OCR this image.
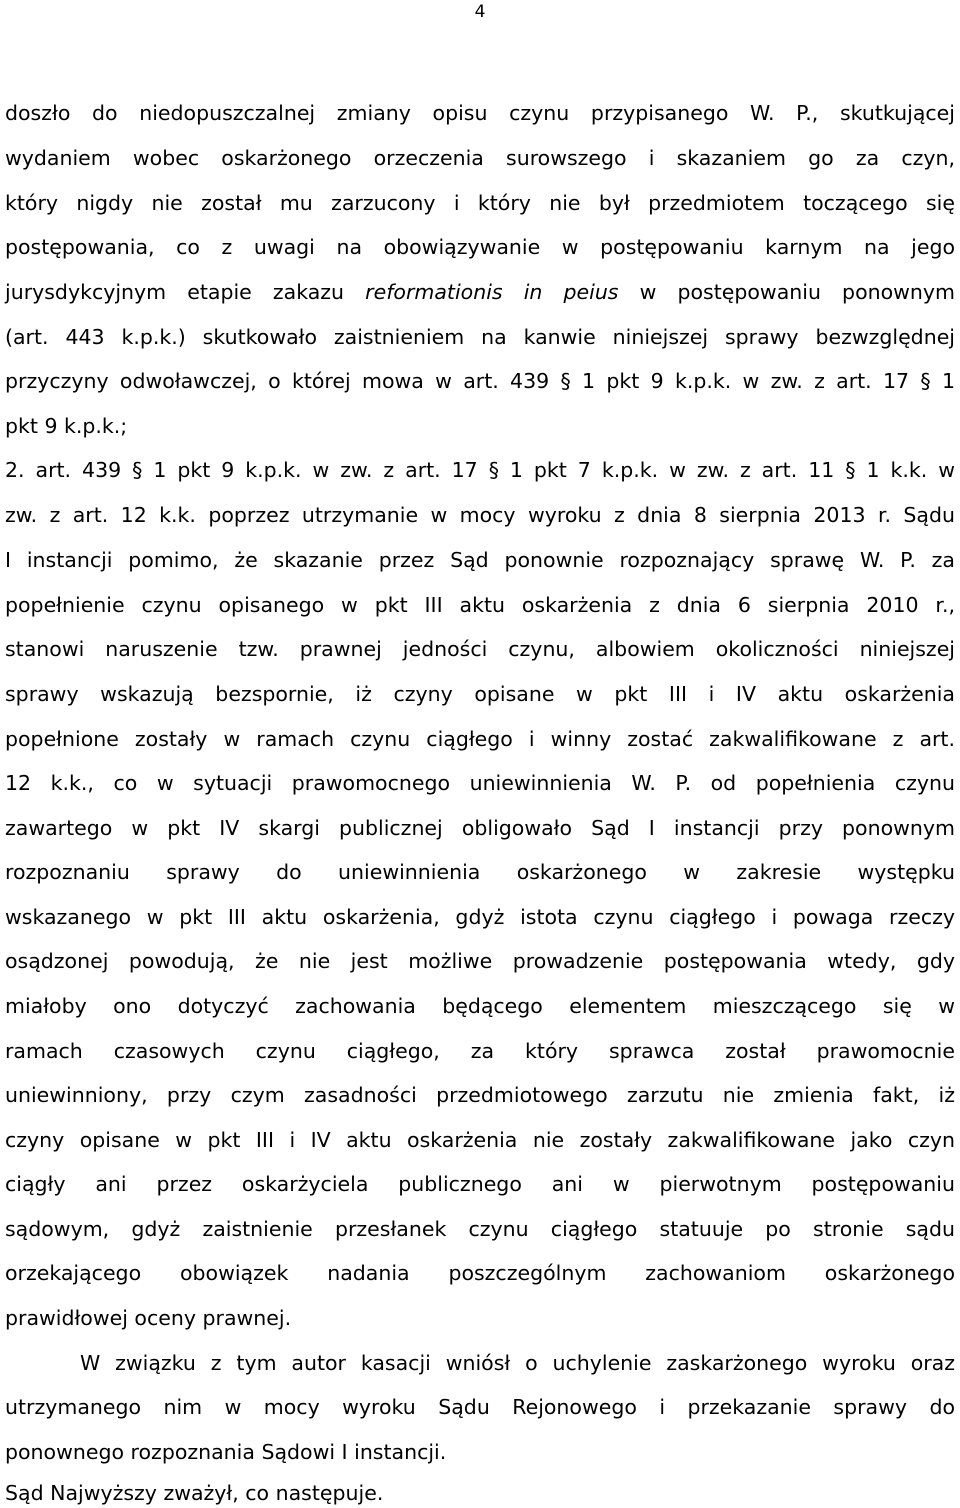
4
doszło do niedopuszczalnej zmiany opisu czynu przypisanego W. P., skutkującej
wydaniem wobec oskarżonego orzeczenia surowszego i skazaniem go za czyn,
który nigdy nie został mu zarzucony i który nie był przedmiotem toczącego się
postępowania, co z uwagi na obowiązywanie w postępowaniu karnym na jego
jurysdykcyjnym etapie zakazu reformationis in peius w postępowaniu ponownym
(art. 443 k.p.k.) skutkowało zaistnieniem na kanwie niniejszej sprawy bezwzględnej
przyczyny odwoławczej, o której mowa w art. 439 § 1 pkt 9 k.p.k. w zw. z art. 17 § 1
pkt 9 k.p.k.;
2. art. 439 § 1 pkt 9 k.p.k. w zw. z art. 17 § 1 pkt 7 k.p.k. w zw. z art. 11 § 1 k.k. w
zw. z art. 12 k.k. poprzez utrzymanie w mocy wyroku z dnia 8 sierpnia 2013 r. Sądu
I instancji pomimo, że skazanie przez Sąd ponownie rozpoznający sprawę W. P. za
popełnienie czynu opisanego w pkt III aktu oskarżenia z dnia 6 sierpnia 2010 r.,
stanowi naruszenie tzw. prawnej jedności czynu, albowiem okoliczności niniejszej
sprawy wskazują bezspornie, iż czyny opisane w pkt III i IV aktu oskarżenia
popełnione zostały w ramach czynu ciągłego i winny zostać zakwalifikowane z art.
12 k.k., co w sytuacji prawomocnego uniewinnienia W. P. od popełnienia czynu
zawartego w pkt IV skargi publicznej obligowało Sąd I instancji przy ponownym
rozpoznaniu sprawy do uniewinnienia oskarżonego w zakresie występku
wskazanego w pkt III aktu oskarżenia, gdyż istota czynu ciągłego i powaga rzeczy
osądzonej powodują, że nie jest możliwe prowadzenie postępowania wtedy, gdy
miałoby ono dotyczyć zachowania będącego elementem mieszczącego się w
ramach czasowych czynu ciągłego, za który sprawca został prawomocnie
uniewinniony, przy czym zasadności przedmiotowego zarzutu nie zmienia fakt, iż
czyny opisane w pkt III i IV aktu oskarżenia nie zostały zakwalifikowane jako czyn
ciągły ani przez oskarżyciela publicznego ani w pierwotnym postępowaniu
sądowym, gdyż zaistnienie przesłanek czynu ciągłego statuuje po stronie sądu
orzekającego obowiązek nadania poszczególnym zachowaniom oskarżonego
prawidłowej oceny prawnej.
W związku z tym autor kasacji wniósł o uchylenie zaskarżonego wyroku oraz
utrzymanego nim w mocy wyroku Sądu Rejonowego i przekazanie sprawy do
ponownego rozpoznania Sądowi I instancji.
Sąd Najwyższy zważył, co następuje.
